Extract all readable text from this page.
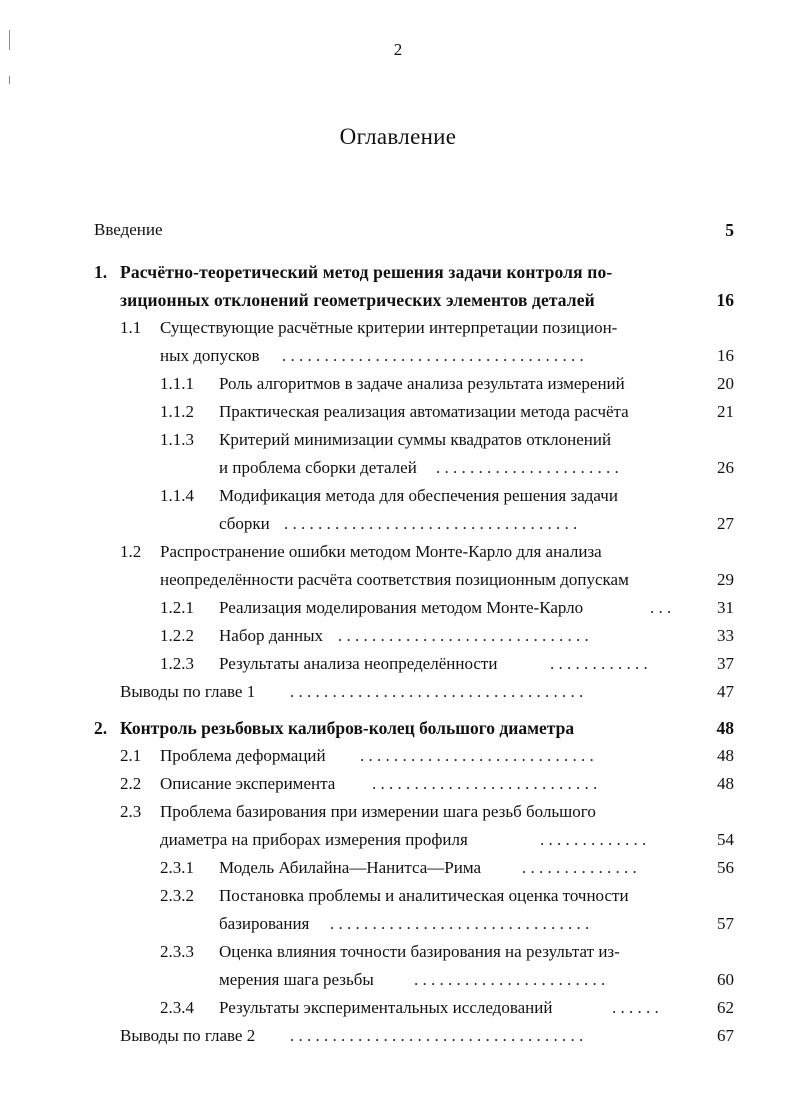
2
Оглавление
Введение	5
1. Расчётно-теоретический метод решения задачи контроля по-
зиционных отклонений геометрических элементов деталей	16
1.1 Существующие расчётные критерии интерпретации позицион-
ных допусков . . . . . . . . . . . . . . . . . . . . . . . . . . . . . . . . . . . .	16
1.1.1 Роль алгоритмов в задаче анализа результата измерений	20
1.1.2 Практическая реализация автоматизации метода расчёта	21
1.1.3 Критерий минимизации суммы квадратов отклонений
и проблема сборки деталей . . . . . . . . . . . . . . . . . . . . . .	26
1.1.4 Модификация метода для обеспечения решения задачи
сборки . . . . . . . . . . . . . . . . . . . . . . . . . . . . . . . . . . .	27
1.2 Распространение ошибки методом Монте-Карло для анализа
неопределённости расчёта соответствия позиционным допускам	29
1.2.1 Реализация моделирования методом Монте-Карло	. . .	31
1.2.2 Набор данных . . . . . . . . . . . . . . . . . . . . . . . . . . . . . .	33
1.2.3 Результаты анализа неопределённости	. . . . . . . . . . . .	37
Выводы по главе 1 . . . . . . . . . . . . . . . . . . . . . . . . . . . . . . . . . . .	47
2. Контроль резьбовых калибров-колец большого диаметра	48
2.1 Проблема деформаций . . . . . . . . . . . . . . . . . . . . . . . . . . . .	48
2.2 Описание эксперимента . . . . . . . . . . . . . . . . . . . . . . . . . . .	48
2.3 Проблема базирования при измерении шага резьб большого
диаметра на приборах измерения профиля	. . . . . . . . . . . . .	54
2.3.1 Модель Абилайна—Нанитса—Рима . . . . . . . . . . . . . .	56
2.3.2 Постановка проблемы и аналитическая оценка точности
базирования . . . . . . . . . . . . . . . . . . . . . . . . . . . . . . .	57
2.3.3 Оценка влияния точности базирования на результат из-
мерения шага резьбы . . . . . . . . . . . . . . . . . . . . . . .	60
2.3.4 Результаты экспериментальных исследований	. . . . . .	62
Выводы по главе 2 . . . . . . . . . . . . . . . . . . . . . . . . . . . . . . . . . . .	67
